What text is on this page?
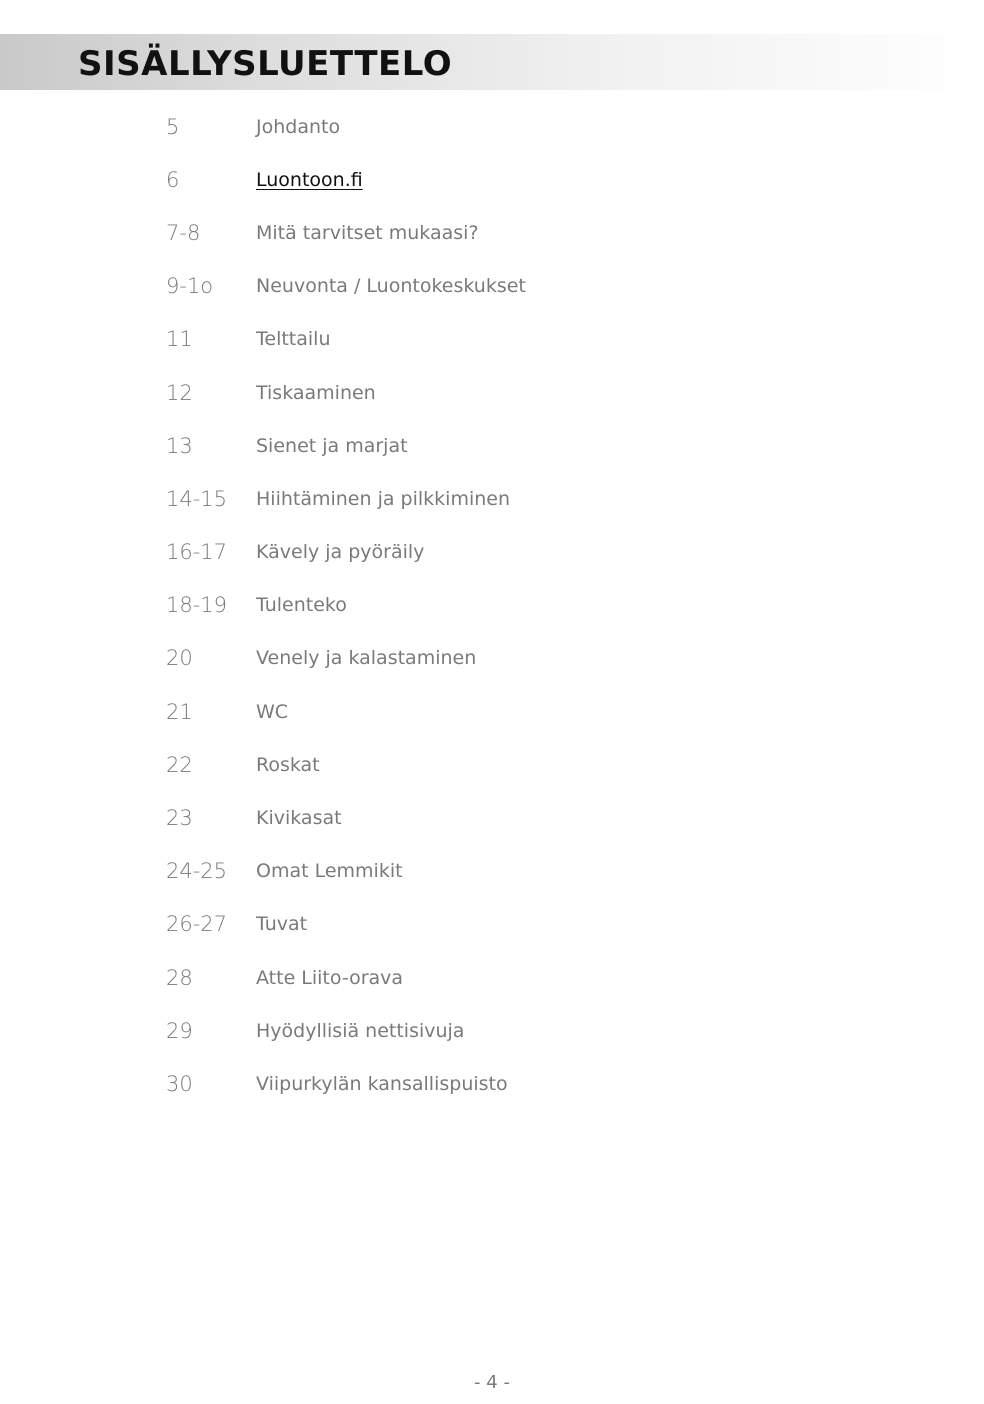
SISÄLLYSLUETTELO
5	Johdanto
6	Luontoon.fi
7-8	Mitä tarvitset mukaasi?
9-1o	Neuvonta / Luontokeskukset
11	Telttailu
12	Tiskaaminen
13	Sienet ja marjat
14-15	Hiihtäminen ja pilkkiminen
16-17	Kävely ja pyöräily
18-19	Tulenteko
20	Venely ja kalastaminen
21	WC
22	Roskat
23	Kivikasat
24-25	Omat Lemmikit
26-27	Tuvat
28	Atte Liito-orava
29	Hyödyllisiä nettisivuja
30	Viipurkylän kansallispuisto
- 4 -
